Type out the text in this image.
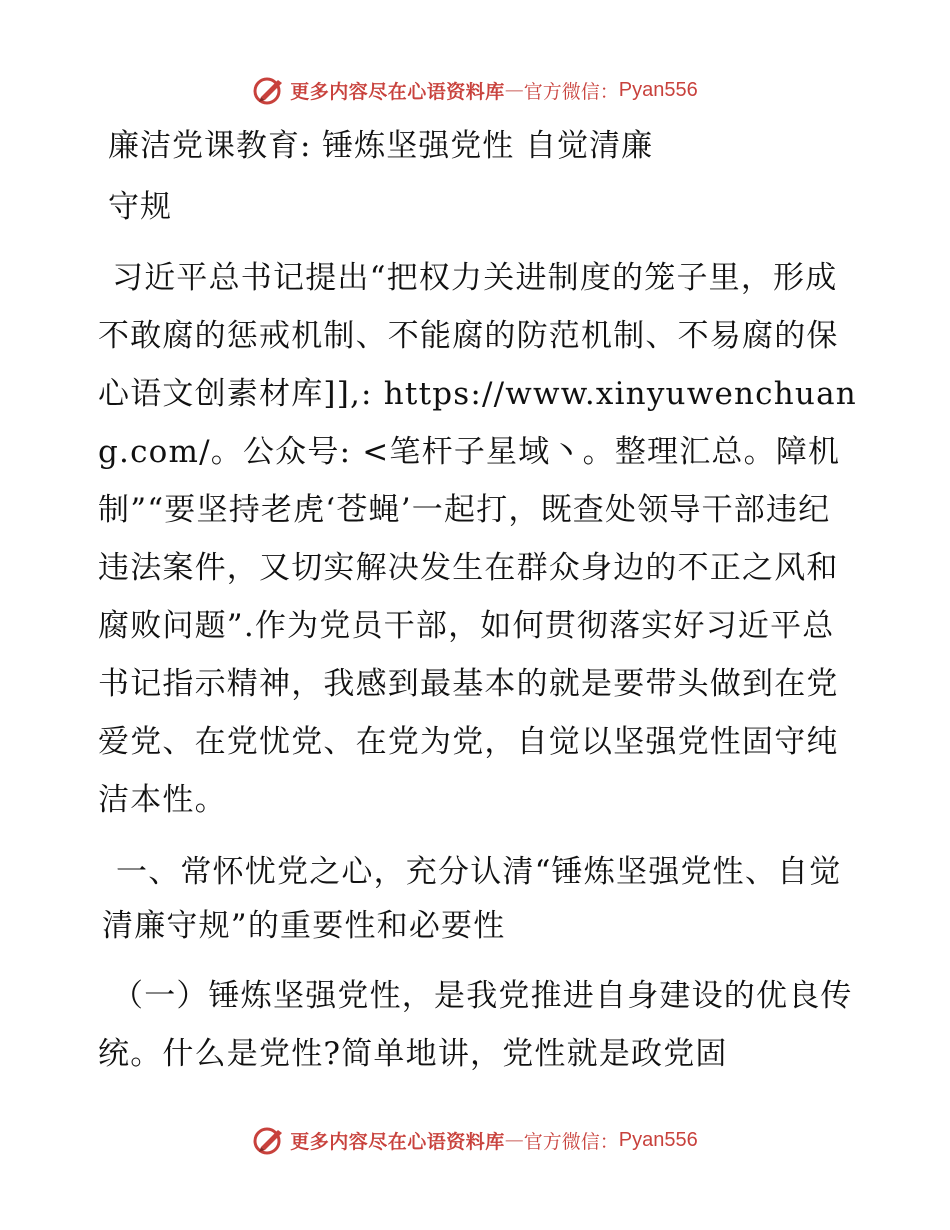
更多内容尽在心语资料库 — 官方微信： Pyan556

廉洁党课教育: 锤炼坚强党性 自觉清廉

守规

习近平总书记提出“把权力关进制度的笼子里，形成不敢腐的惩戒机制、不能腐的防范机制、不易腐的保心语文创素材库]],: https://www.xinyuwenchuang.com/。公众号: <笔杆子星域丶。整理汇总。障机制”“要坚持老虎‘苍蝇’一起打，既查处领导干部违纪违法案件，又切实解决发生在群众身边的不正之风和腐败问题”.作为党员干部，如何贯彻落实好习近平总书记指示精神，我感到最基本的就是要带头做到在党爱党、在党忧党、在党为党，自觉以坚强党性固守纯洁本性。

一、常怀忧党之心，充分认清“锤炼坚强党性、自觉清廉守规”的重要性和必要性

（一）锤炼坚强党性，是我党推进自身建设的优良传统。什么是党性?简单地讲，党性就是政党固

更多内容尽在心语资料库 — 官方微信： Pyan556
